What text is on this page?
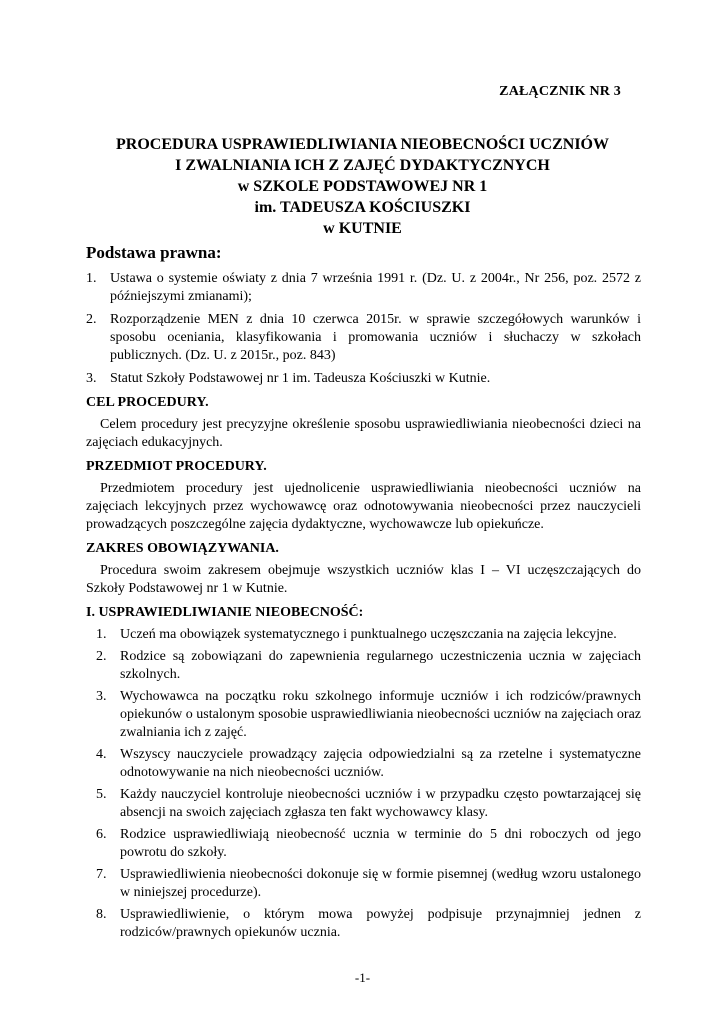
ZAŁĄCZNIK NR 3
PROCEDURA USPRAWIEDLIWIANIA NIEOBECNOŚCI UCZNIÓW
I ZWALNIANIA ICH Z ZAJĘĆ DYDAKTYCZNYCH
w SZKOLE PODSTAWOWEJ NR 1
im. TADEUSZA KOŚCIUSZKI
w KUTNIE
Podstawa prawna:
1. Ustawa o systemie oświaty z dnia 7 września 1991 r. (Dz. U. z 2004r., Nr 256, poz. 2572 z późniejszymi zmianami);
2. Rozporządzenie MEN z dnia 10 czerwca 2015r. w sprawie szczegółowych warunków i sposobu oceniania, klasyfikowania i promowania uczniów i słuchaczy w szkołach publicznych. (Dz. U. z 2015r., poz. 843)
3. Statut Szkoły Podstawowej nr 1 im. Tadeusza Kościuszki w Kutnie.
CEL PROCEDURY.
Celem procedury jest precyzyjne określenie sposobu usprawiedliwiania nieobecności dzieci na zajęciach edukacyjnych.
PRZEDMIOT PROCEDURY.
Przedmiotem procedury jest ujednolicenie usprawiedliwiania nieobecności uczniów na zajęciach lekcyjnych przez wychowawcę oraz odnotowywania nieobecności przez nauczycieli prowadzących poszczególne zajęcia dydaktyczne, wychowawcze lub opiekuńcze.
ZAKRES OBOWIĄZYWANIA.
Procedura swoim zakresem obejmuje wszystkich uczniów klas I – VI uczęszczających do Szkoły Podstawowej nr 1 w Kutnie.
I. USPRAWIEDLIWIANIE NIEOBECNOŚĆ:
1. Uczeń ma obowiązek systematycznego i punktualnego uczęszczania na zajęcia lekcyjne.
2. Rodzice są zobowiązani do zapewnienia regularnego uczestniczenia ucznia w zajęciach szkolnych.
3. Wychowawca na początku roku szkolnego informuje uczniów i ich rodziców/prawnych opiekunów o ustalonym sposobie usprawiedliwiania nieobecności uczniów na zajęciach oraz zwalniania ich z zajęć.
4. Wszyscy nauczyciele prowadzący zajęcia odpowiedzialni są za rzetelne i systematyczne odnotowywanie na nich nieobecności uczniów.
5. Każdy nauczyciel kontroluje nieobecności uczniów i w przypadku często powtarzającej się absencji na swoich zajęciach zgłasza ten fakt wychowawcy klasy.
6. Rodzice usprawiedliwiają nieobecność ucznia w terminie do 5 dni roboczych od jego powrotu do szkoły.
7. Usprawiedliwienia nieobecności dokonuje się w formie pisemnej (według wzoru ustalonego w niniejszej procedurze).
8. Usprawiedliwienie, o którym mowa powyżej podpisuje przynajmniej jednen z rodziców/prawnych opiekunów ucznia.
-1-
